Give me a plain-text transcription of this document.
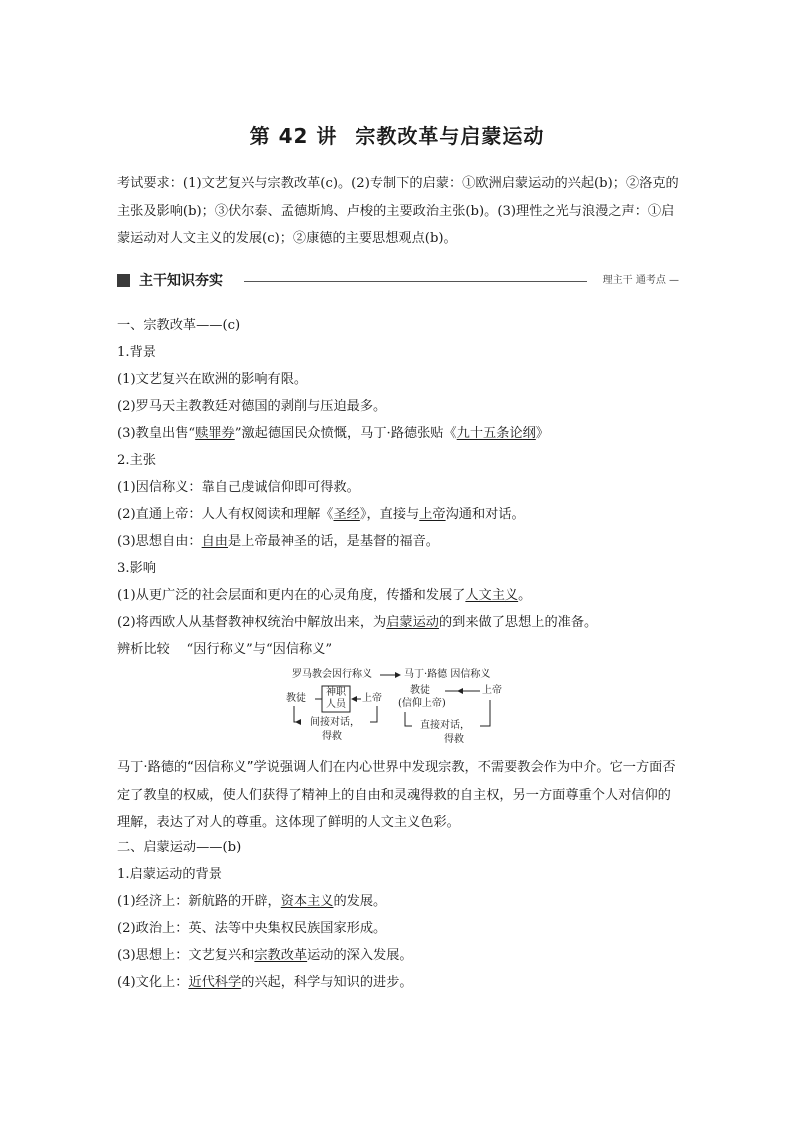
第 42 讲 宗教改革与启蒙运动
考试要求：(1)文艺复兴与宗教改革(c)。(2)专制下的启蒙：①欧洲启蒙运动的兴起(b)；②洛克的主张及影响(b)；③伏尔泰、孟德斯鸠、卢梭的主要政治主张(b)。(3)理性之光与浪漫之声：①启蒙运动对人文主义的发展(c)；②康德的主要思想观点(b)。
主干知识夯实	理主干 通考点 —
一、宗教改革——(c)
1.背景
(1)文艺复兴在欧洲的影响有限。
(2)罗马天主教教廷对德国的剥削与压迫最多。
(3)教皇出售“赎罪券”激起德国民众愤慨，马丁·路德张贴《九十五条论纲》
2.主张
(1)因信称义：靠自己虔诚信仰即可得救。
(2)直通上帝：人人有权阅读和理解《圣经》，直接与上帝沟通和对话。
(3)思想自由：自由是上帝最神圣的话，是基督的福音。
3.影响
(1)从更广泛的社会层面和更内在的心灵角度，传播和发展了人文主义。
(2)将西欧人从基督教神权统治中解放出来，为启蒙运动的到来做了思想上的准备。
辨析比较    “因行称义”与“因信称义”
罗马教会因行称义	马丁·路德 因信称义
教徒
神职
人员
上帝
间接对话，
得救
教徒
(信仰上帝)
上帝
直接对话，
得救
马丁·路德的“因信称义”学说强调人们在内心世界中发现宗教，不需要教会作为中介。它一方面否定了教皇的权威，使人们获得了精神上的自由和灵魂得救的自主权，另一方面尊重个人对信仰的理解，表达了对人的尊重。这体现了鲜明的人文主义色彩。
二、启蒙运动——(b)
1.启蒙运动的背景
(1)经济上：新航路的开辟，资本主义的发展。
(2)政治上：英、法等中央集权民族国家形成。
(3)思想上：文艺复兴和宗教改革运动的深入发展。
(4)文化上：近代科学的兴起，科学与知识的进步。
